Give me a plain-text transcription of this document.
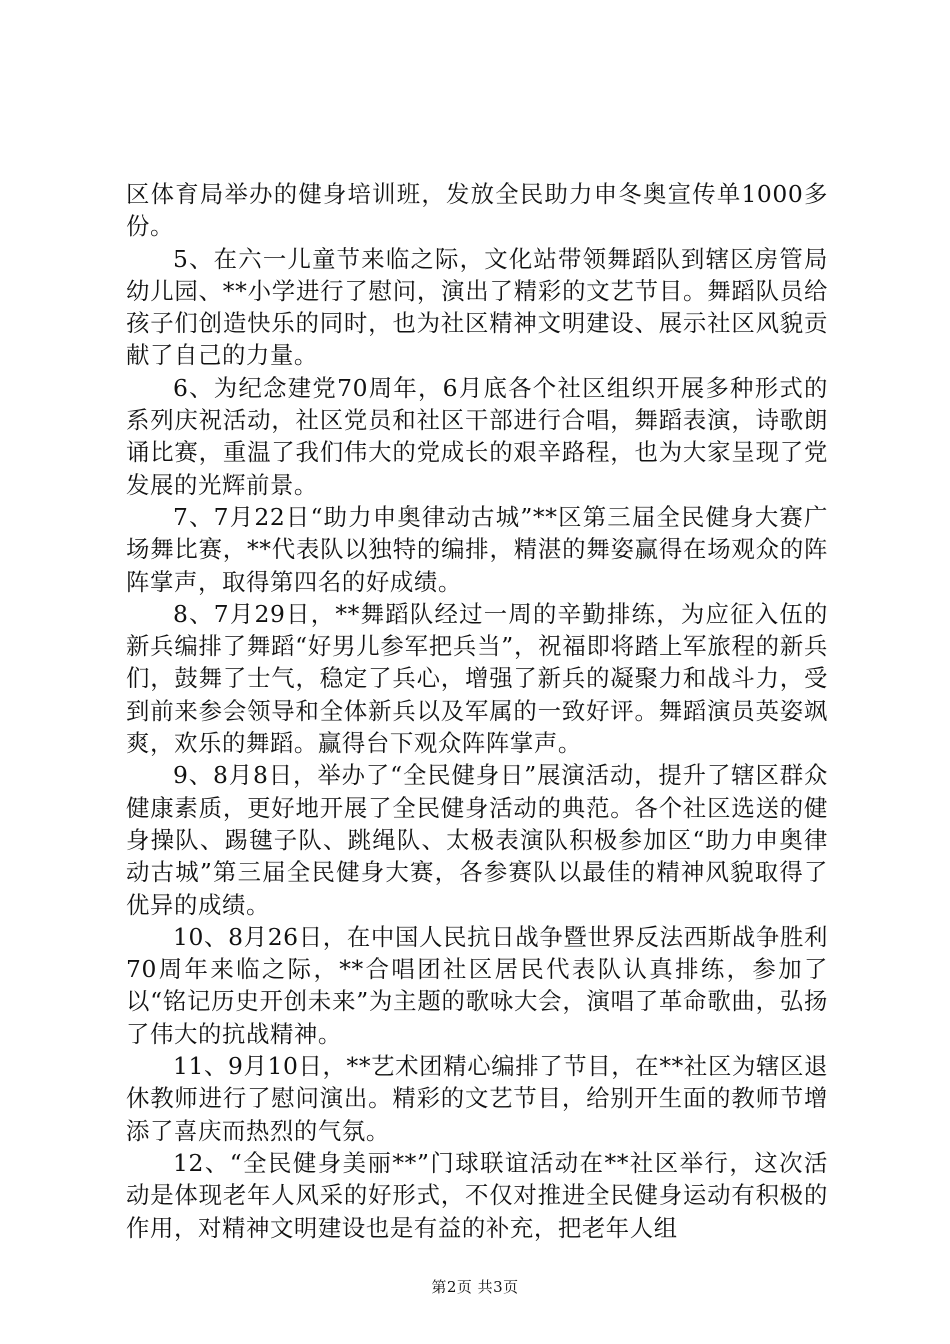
区体育局举办的健身培训班，发放全民助力申冬奥宣传单1000多份。

5、在六一儿童节来临之际，文化站带领舞蹈队到辖区房管局幼儿园、**小学进行了慰问，演出了精彩的文艺节目。舞蹈队员给孩子们创造快乐的同时，也为社区精神文明建设、展示社区风貌贡献了自己的力量。

6、为纪念建党70周年，6月底各个社区组织开展多种形式的系列庆祝活动，社区党员和社区干部进行合唱，舞蹈表演，诗歌朗诵比赛，重温了我们伟大的党成长的艰辛路程，也为大家呈现了党发展的光辉前景。

7、7月22日“助力申奥律动古城”**区第三届全民健身大赛广场舞比赛，**代表队以独特的编排，精湛的舞姿赢得在场观众的阵阵掌声，取得第四名的好成绩。

8、7月29日，**舞蹈队经过一周的辛勤排练，为应征入伍的新兵编排了舞蹈“好男儿参军把兵当”，祝福即将踏上军旅程的新兵们，鼓舞了士气，稳定了兵心，增强了新兵的凝聚力和战斗力，受到前来参会领导和全体新兵以及军属的一致好评。舞蹈演员英姿飒爽，欢乐的舞蹈。赢得台下观众阵阵掌声。

9、8月8日，举办了“全民健身日”展演活动，提升了辖区群众健康素质，更好地开展了全民健身活动的典范。各个社区选送的健身操队、踢毽子队、跳绳队、太极表演队积极参加区“助力申奥律动古城”第三届全民健身大赛，各参赛队以最佳的精神风貌取得了优异的成绩。

10、8月26日，在中国人民抗日战争暨世界反法西斯战争胜利70周年来临之际，**合唱团社区居民代表队认真排练，参加了以“铭记历史开创未来”为主题的歌咏大会，演唱了革命歌曲，弘扬了伟大的抗战精神。

11、9月10日，**艺术团精心编排了节目，在**社区为辖区退休教师进行了慰问演出。精彩的文艺节目，给别开生面的教师节增添了喜庆而热烈的气氛。

12、“全民健身美丽**”门球联谊活动在**社区举行，这次活动是体现老年人风采的好形式，不仅对推进全民健身运动有积极的作用，对精神文明建设也是有益的补充，把老年人组

第2页 共3页
